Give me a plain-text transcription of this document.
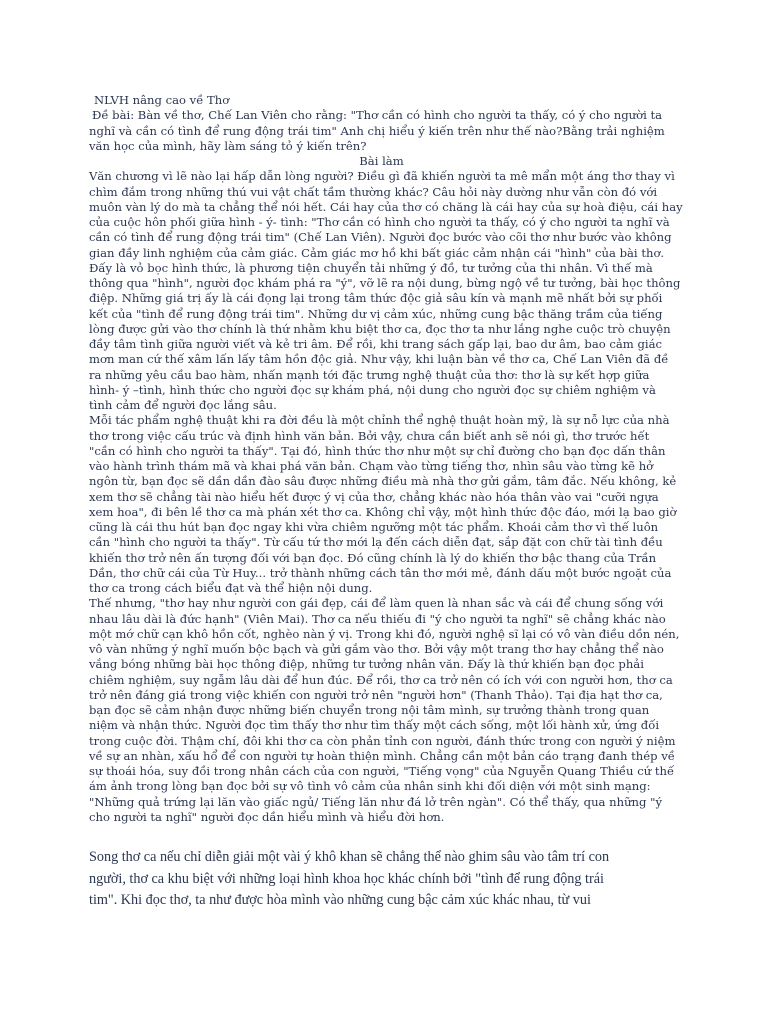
NLVH nâng cao về Thơ

Đề bài: Bàn về thơ, Chế Lan Viên cho rằng: "Thơ cần có hình cho người ta thấy, có ý cho người ta

nghĩ và cần có tình để rung động trái tim" Anh chị hiểu ý kiến trên như thế nào?Bằng trải nghiệm

văn học của mình, hãy làm sáng tỏ ý kiến trên?

Bài làm

Văn chương vì lẽ nào lại hấp dẫn lòng người? Điều gì đã khiến người ta mê mẩn một áng thơ thay vì

chìm đắm trong những thú vui vật chất tầm thường khác? Câu hỏi này dường như vẫn còn đó với

muôn vàn lý do mà ta chẳng thể nói hết. Cái hay của thơ có chăng là cái hay của sự hoà điệu, cái hay

của cuộc hôn phối giữa hình - ý- tình: "Thơ cần có hình cho người ta thấy, có ý cho người ta nghĩ và

cần có tình để rung động trái tim" (Chế Lan Viên). Người đọc bước vào cõi thơ như bước vào không

gian đầy linh nghiệm của cảm giác. Cảm giác mơ hồ khi bất giác cảm nhận cái "hình" của bài thơ.

Đấy là vỏ bọc hình thức, là phương tiện chuyển tải những ý đồ, tư tưởng của thi nhân. Vì thế mà

thông qua "hình", người đọc khám phá ra "ý", vỡ lẽ ra nội dung, bừng ngộ về tư tưởng, bài học thông

điệp. Những giá trị ấy là cái đọng lại trong tâm thức độc giả sâu kín và mạnh mẽ nhất bởi sự phối

kết của "tình để rung động trái tim". Những dư vị cảm xúc, những cung bậc thăng trầm của tiếng

lòng được gửi vào thơ chính là thứ nhằm khu biệt thơ ca, đọc thơ ta như lắng nghe cuộc trò chuyện

đầy tâm tình giữa người viết và kẻ tri âm. Để rồi, khi trang sách gấp lại, bao dư âm, bao cảm giác

mơn man cứ thế xâm lấn lấy tâm hồn độc giả. Như vậy, khi luận bàn về thơ ca, Chế Lan Viên đã đề

ra những yêu cầu bao hàm, nhấn mạnh tới đặc trưng nghệ thuật của thơ: thơ là sự kết hợp giữa

hình- ý –tình, hình thức cho người đọc sự khám phá, nội dung cho người đọc sự chiêm nghiệm và

tình cảm để người đọc lắng sâu.

Mỗi tác phẩm nghệ thuật khi ra đời đều là một chỉnh thể nghệ thuật hoàn mỹ, là sự nỗ lực của nhà

thơ trong việc cấu trúc và định hình văn bản. Bởi vậy, chưa cần biết anh sẽ nói gì, thơ trước hết

"cần có hình cho người ta thấy". Tại đó, hình thức thơ như một sự chỉ đường cho bạn đọc dấn thân

vào hành trình thám mã và khai phá văn bản. Chạm vào từng tiếng thơ, nhìn sâu vào từng kẽ hở

ngôn từ, bạn đọc sẽ dần dần đào sâu được những điều mà nhà thơ gửi gắm, tâm đắc. Nếu không, kẻ

xem thơ sẽ chẳng tài nào hiểu hết được ý vị của thơ, chẳng khác nào hóa thân vào vai "cưỡi ngựa

xem hoa", đi bên lề thơ ca mà phán xét thơ ca. Không chỉ vậy, một hình thức độc đáo, mới lạ bao giờ

cũng là cái thu hút bạn đọc ngay khi vừa chiêm ngưỡng một tác phẩm. Khoái cảm thơ vì thế luôn

cần "hình cho người ta thấy". Từ cấu tứ thơ mới lạ đến cách diễn đạt, sắp đặt con chữ tài tình đều

khiến thơ trở nên ấn tượng đối với bạn đọc. Đó cũng chính là lý do khiến thơ bậc thang của Trần

Dần, thơ chữ cái của Từ Huy... trở thành những cách tân thơ mới mẻ, đánh dấu một bước ngoặt của

thơ ca trong cách biểu đạt và thể hiện nội dung.

Thế nhưng, "thơ hay như người con gái đẹp, cái để làm quen là nhan sắc và cái để chung sống với

nhau lâu dài là đức hạnh" (Viên Mai). Thơ ca nếu thiếu đi "ý cho người ta nghĩ" sẽ chẳng khác nào

một mớ chữ cạn khô hồn cốt, nghèo nàn ý vị. Trong khi đó, người nghệ sĩ lại có vô vàn điều dồn nén,

vô vàn những ý nghĩ muốn bộc bạch và gửi gắm vào thơ. Bởi vậy một trang thơ hay chẳng thể nào

vắng bóng những bài học thông điệp, những tư tưởng nhân văn. Đấy là thứ khiến bạn đọc phải

chiêm nghiệm, suy ngẫm lâu dài để hun đúc. Để rồi, thơ ca trở nên có ích với con người hơn, thơ ca

trở nên đáng giá trong việc khiến con người trở nên "người hơn" (Thanh Thảo). Tại địa hạt thơ ca,

bạn đọc sẽ cảm nhận được những biến chuyển trong nội tâm mình, sự trưởng thành trong quan

niệm và nhận thức. Người đọc tìm thấy thơ như tìm thấy một cách sống, một lối hành xử, ứng đối

trong cuộc đời. Thậm chí, đôi khi thơ ca còn phản tỉnh con người, đánh thức trong con người ý niệm

về sự an nhàn, xấu hổ để con người tự hoàn thiện mình. Chẳng cần một bản cáo trạng đanh thép về

sự thoái hóa, suy đồi trong nhân cách của con người, "Tiếng vọng" của Nguyễn Quang Thiều cứ thế

ám ảnh trong lòng bạn đọc bởi sự vô tình vô cảm của nhân sinh khi đối diện với một sinh mạng:

"Những quả trứng lại lăn vào giấc ngủ/ Tiếng lăn như đá lở trên ngàn". Có thể thấy, qua những "ý

cho người ta nghĩ" người đọc dần hiểu mình và hiểu đời hơn.

Song thơ ca nếu chỉ diễn giải một vài ý khô khan sẽ chẳng thể nào ghim sâu vào tâm trí con

người, thơ ca khu biệt với những loại hình khoa học khác chính bởi "tình để rung động trái

tim". Khi đọc thơ, ta như được hòa mình vào những cung bậc cảm xúc khác nhau, từ vui
